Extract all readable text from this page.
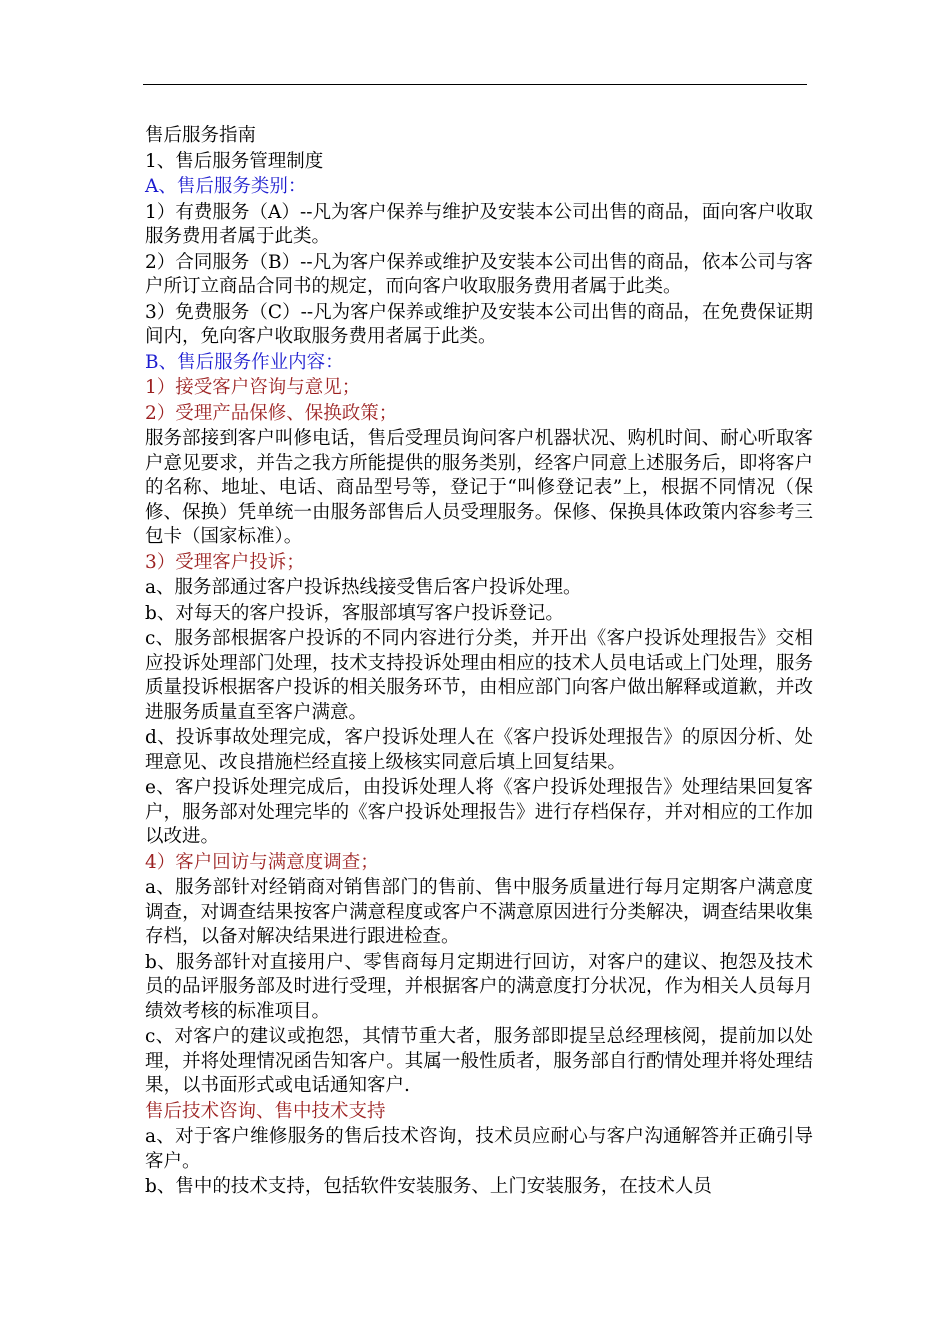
售后服务指南

1、售后服务管理制度

A、售后服务类别：

1）有费服务（A）--凡为客户保养与维护及安装本公司出售的商品，面向客户收取服务费用者属于此类。

2）合同服务（B）--凡为客户保养或维护及安装本公司出售的商品，依本公司与客户所订立商品合同书的规定，而向客户收取服务费用者属于此类。

3）免费服务（C）--凡为客户保养或维护及安装本公司出售的商品，在免费保证期间内，免向客户收取服务费用者属于此类。

B、售后服务作业内容：

1）接受客户咨询与意见；

2）受理产品保修、保换政策；

服务部接到客户叫修电话，售后受理员询问客户机器状况、购机时间、耐心听取客户意见要求，并告之我方所能提供的服务类别，经客户同意上述服务后，即将客户的名称、地址、电话、商品型号等，登记于“叫修登记表”上，根据不同情况（保修、保换）凭单统一由服务部售后人员受理服务。保修、保换具体政策内容参考三包卡（国家标准）。

3）受理客户投诉；

a、服务部通过客户投诉热线接受售后客户投诉处理。

b、对每天的客户投诉，客服部填写客户投诉登记。

c、服务部根据客户投诉的不同内容进行分类，并开出《客户投诉处理报告》交相应投诉处理部门处理，技术支持投诉处理由相应的技术人员电话或上门处理，服务质量投诉根据客户投诉的相关服务环节，由相应部门向客户做出解释或道歉，并改进服务质量直至客户满意。

d、投诉事故处理完成，客户投诉处理人在《客户投诉处理报告》的原因分析、处理意见、改良措施栏经直接上级核实同意后填上回复结果。

e、客户投诉处理完成后，由投诉处理人将《客户投诉处理报告》处理结果回复客户，服务部对处理完毕的《客户投诉处理报告》进行存档保存，并对相应的工作加以改进。

4）客户回访与满意度调查；

a、服务部针对经销商对销售部门的售前、售中服务质量进行每月定期客户满意度调查，对调查结果按客户满意程度或客户不满意原因进行分类解决，调查结果收集存档，以备对解决结果进行跟进检查。

b、服务部针对直接用户、零售商每月定期进行回访，对客户的建议、抱怨及技术员的品评服务部及时进行受理，并根据客户的满意度打分状况，作为相关人员每月绩效考核的标准项目。

c、对客户的建议或抱怨，其情节重大者，服务部即提呈总经理核阅，提前加以处理，并将处理情况函告知客户。其属一般性质者，服务部自行酌情处理并将处理结果，以书面形式或电话通知客户.

售后技术咨询、售中技术支持

a、对于客户维修服务的售后技术咨询，技术员应耐心与客户沟通解答并正确引导客户。

b、售中的技术支持，包括软件安装服务、上门安装服务，在技术人员
